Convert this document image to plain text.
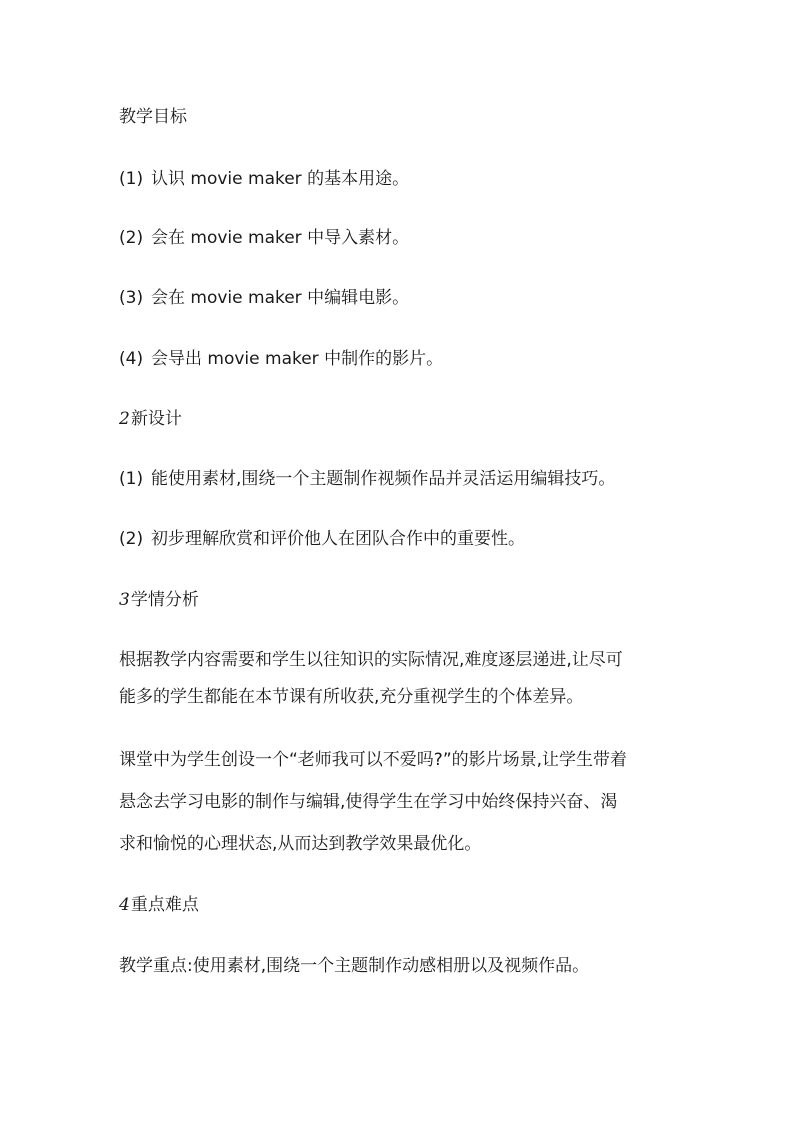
教学目标
(1) 认识 movie maker 的基本用途。
(2) 会在 movie maker 中导入素材。
(3) 会在 movie maker 中编辑电影。
(4) 会导出 movie maker 中制作的影片。
2新设计
(1) 能使用素材,围绕一个主题制作视频作品并灵活运用编辑技巧。
(2) 初步理解欣赏和评价他人在团队合作中的重要性。
3学情分析
根据教学内容需要和学生以往知识的实际情况,难度逐层递进,让尽可
能多的学生都能在本节课有所收获,充分重视学生的个体差异。
课堂中为学生创设一个“老师我可以不爱吗?”的影片场景,让学生带着
悬念去学习电影的制作与编辑,使得学生在学习中始终保持兴奋、渴
求和愉悦的心理状态,从而达到教学效果最优化。
4重点难点
教学重点:使用素材,围绕一个主题制作动感相册以及视频作品。
